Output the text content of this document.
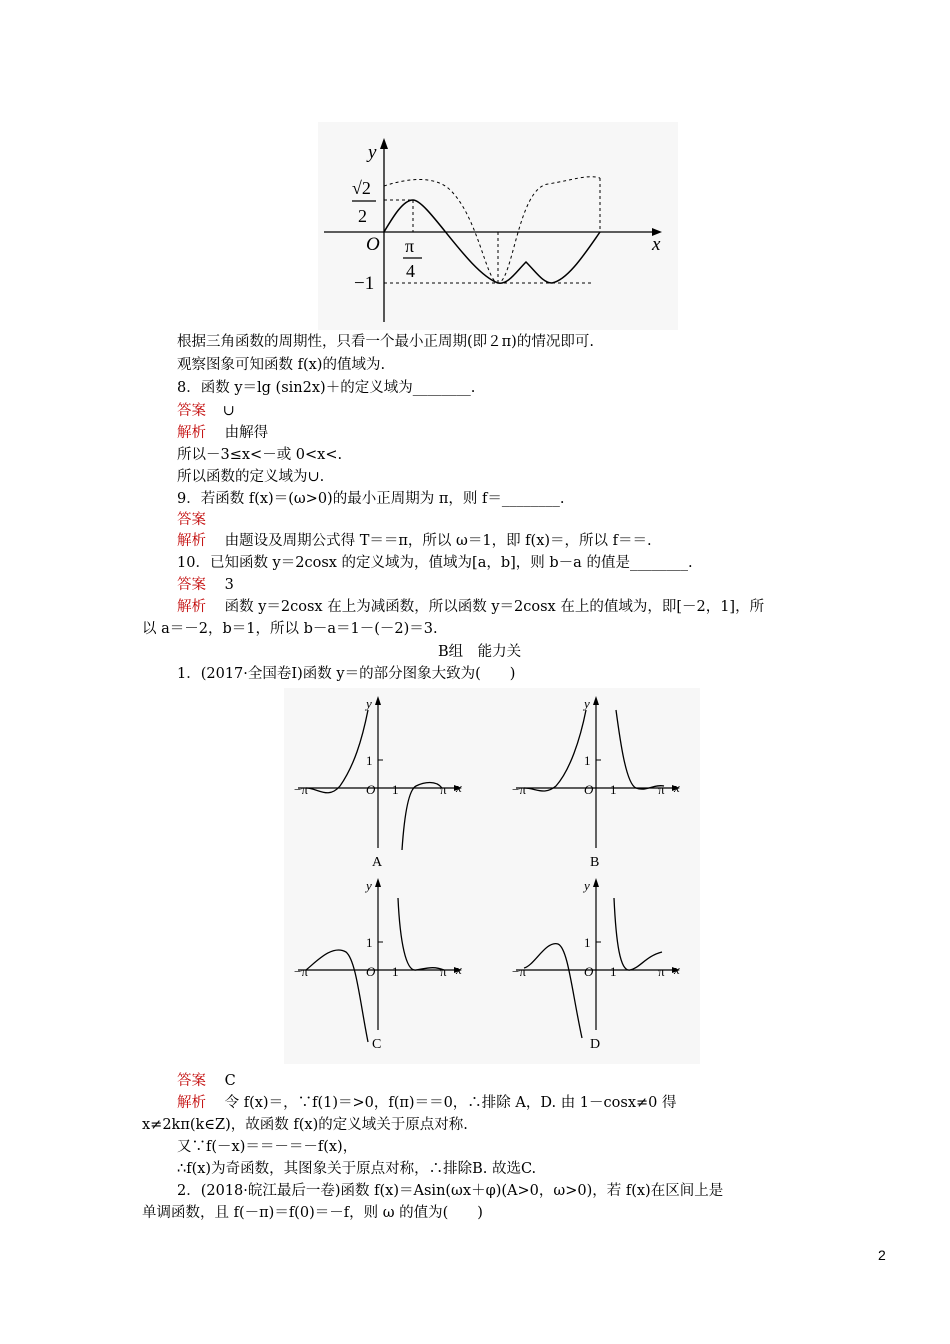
y
x
O
√2
2
π
4
−1
根据三角函数的周期性，只看一个最小正周期(即２π)的情况即可.
观察图象可知函数 f(x)的值域为.
8．函数 y＝lg (sin2x)＋的定义域为________.
答案 ∪
解析 由解得
所以－3≤x<－或 0<x<.
所以函数的定义域为∪.
9．若函数 f(x)＝(ω>0)的最小正周期为 π，则 f＝________.
答案
解析 由题设及周期公式得 T＝＝π，所以 ω＝1，即 f(x)＝，所以 f＝＝.
10．已知函数 y＝2cosx 的定义域为，值域为[a，b]，则 b－a 的值是________.
答案 3
解析 函数 y＝2cosx 在上为减函数，所以函数 y＝2cosx 在上的值域为，即[－2，1]，所
以 a＝－2，b＝1，所以 b－a＝1－(－2)＝3.
B组　能力关
1．(2017·全国卷Ⅰ)函数 y＝的部分图象大致为(　　)
y
x
1
−π	O 1	π
A
y
x
1
−π	O 1	π
B
y
x
1
−π	O 1	π
C
y
x
1
−π	O 1	π
D
答案 C
解析 令 f(x)＝，∵f(1)＝>0，f(π)＝＝0，∴排除 A，D. 由 1－cosx≠0 得
x≠2kπ(k∈Z)，故函数 f(x)的定义域关于原点对称.
又∵f(－x)＝＝－＝－f(x)，
∴f(x)为奇函数，其图象关于原点对称，∴排除B. 故选C.
2．(2018·皖江最后一卷)函数 f(x)＝Asin(ωx＋φ)(A>0，ω>0)，若 f(x)在区间上是
单调函数，且 f(－π)＝f(0)＝－f，则 ω 的值为(　　)
2
